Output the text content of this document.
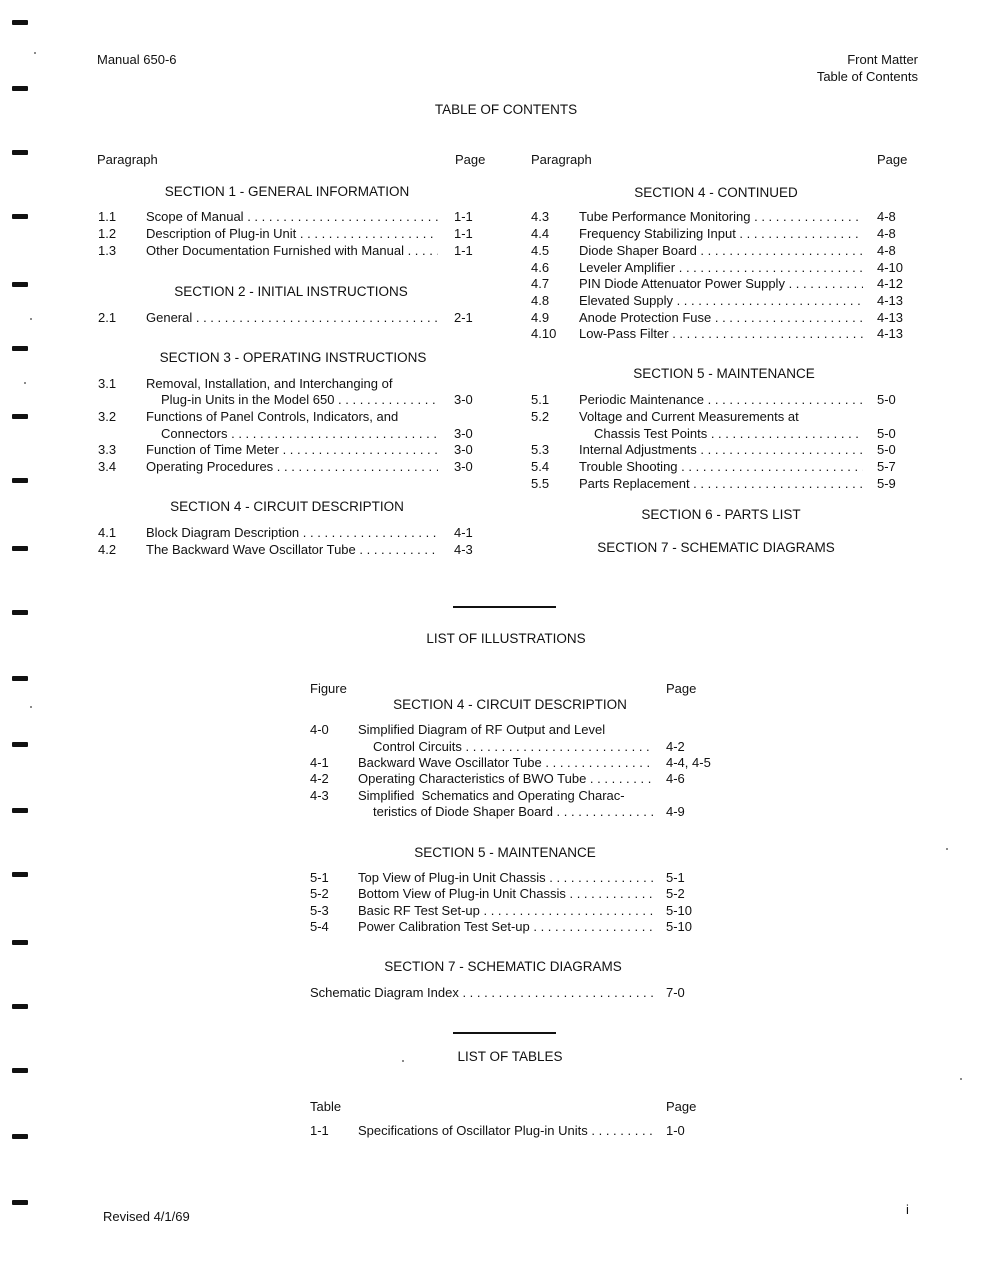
Manual 650-6	Front Matter
Table of Contents
TABLE OF CONTENTS
Paragraph	Page	Paragraph	Page
SECTION 1 - GENERAL INFORMATION
1.1 Scope of Manual . . .	1-1
1.2 Description of Plug-in Unit . . .	1-1
1.3 Other Documentation Furnished with Manual . . .	1-1
SECTION 2 - INITIAL INSTRUCTIONS
2.1 General . . .	2-1
SECTION 3 - OPERATING INSTRUCTIONS
3.1 Removal, Installation, and Interchanging of
Plug-in Units in the Model 650 . . .	3-0
3.2 Functions of Panel Controls, Indicators, and
Connectors . . .	3-0
3.3 Function of Time Meter . . .	3-0
3.4 Operating Procedures . . .	3-0
SECTION 4 - CIRCUIT DESCRIPTION
4.1 Block Diagram Description . . .	4-1
4.2 The Backward Wave Oscillator Tube . . .	4-3
SECTION 4 - CONTINUED
4.3 Tube Performance Monitoring . . .	4-8
4.4 Frequency Stabilizing Input . . .	4-8
4.5 Diode Shaper Board . . .	4-8
4.6 Leveler Amplifier . . .	4-10
4.7 PIN Diode Attenuator Power Supply . . .	4-12
4.8 Elevated Supply . . .	4-13
4.9 Anode Protection Fuse . . .	4-13
4.10 Low-Pass Filter . . .	4-13
SECTION 5 - MAINTENANCE
5.1 Periodic Maintenance . . .	5-0
5.2 Voltage and Current Measurements at
Chassis Test Points . . .	5-0
5.3 Internal Adjustments . . .	5-0
5.4 Trouble Shooting . . .	5-7
5.5 Parts Replacement . . .	5-9
SECTION 6 - PARTS LIST
SECTION 7 - SCHEMATIC DIAGRAMS
LIST OF ILLUSTRATIONS
Figure	Page
SECTION 4 - CIRCUIT DESCRIPTION
4-0 Simplified Diagram of RF Output and Level
Control Circuits . . .	4-2
4-1 Backward Wave Oscillator Tube . . .	4-4, 4-5
4-2 Operating Characteristics of BWO Tube . . .	4-6
4-3 Simplified  Schematics and Operating Charac-
teristics of Diode Shaper Board . . .	4-9
SECTION 5 - MAINTENANCE
5-1 Top View of Plug-in Unit Chassis . . .	5-1
5-2 Bottom View of Plug-in Unit Chassis . . .	5-2
5-3 Basic RF Test Set-up . . .	5-10
5-4 Power Calibration Test Set-up . . .	5-10
SECTION 7 - SCHEMATIC DIAGRAMS
Schematic Diagram Index . . .	7-0
LIST OF TABLES
Table	Page
1-1 Specifications of Oscillator Plug-in Units . . .	1-0
Revised 4/1/69	i
